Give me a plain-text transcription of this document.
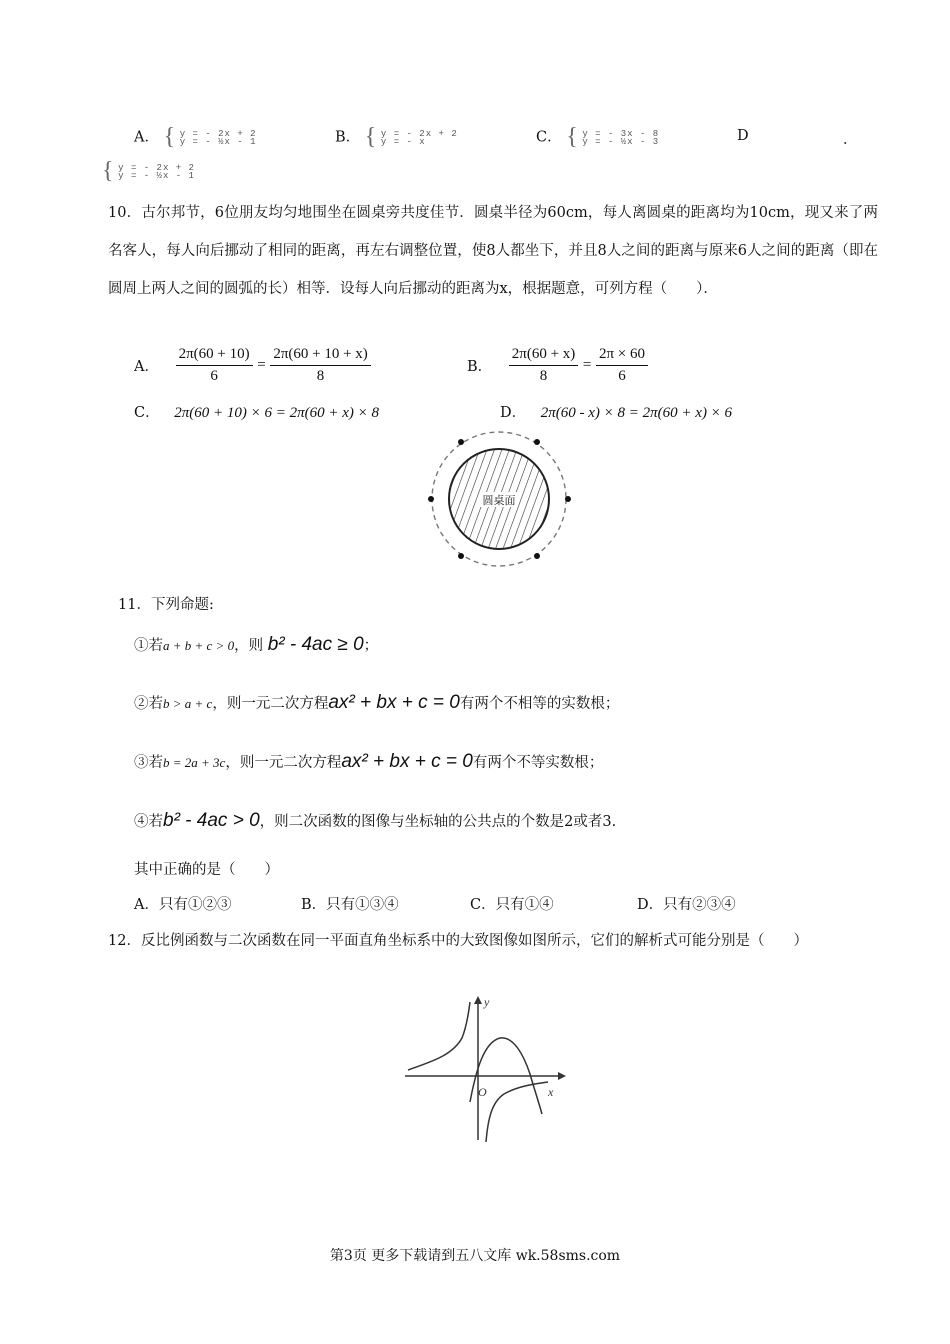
A． { y = - 2x + 2
y = - ½x - 1	B． { y = - 2x + 2
y = - x	C． { y = - 3x - 8
y = - ½x - 3	D	．
{ y = - 2x + 2
y = - ½x - 1
10．古尔邦节，6位朋友均匀地围坐在圆桌旁共度佳节．圆桌半径为60cm，每人离圆桌的距离均为10cm，现又来了两名客人，每人向后挪动了相同的距离，再左右调整位置，使8人都坐下，并且8人之间的距离与原来6人之间的距离（即在圆周上两人之间的圆弧的长）相等．设每人向后挪动的距离为x，根据题意，可列方程（　　）．
A． $\frac{2\pi(60 + 10)}{6} = \frac{2\pi(60 + 10 + x)}{8}$	B． $\frac{2\pi(60 + x)}{8} = \frac{2\pi \times 60}{6}$
C． 2π(60 + 10) × 6 = 2π(60 + x) × 8	D． 2π(60 - x) × 8 = 2π(60 + x) × 6
圆桌面
11．下列命题:
①若a + b + c > 0，则 b² - 4ac ≥ 0；
②若b > a + c，则一元二次方程ax² + bx + c = 0有两个不相等的实数根；
③若b = 2a + 3c，则一元二次方程ax² + bx + c = 0有两个不等实数根；
④若b² - 4ac > 0，则二次函数的图像与坐标轴的公共点的个数是2或者3.
其中正确的是（　　）
A．只有①②③	B．只有①③④	C．只有①④	D．只有②③④
12．反比例函数与二次函数在同一平面直角坐标系中的大致图像如图所示，它们的解析式可能分别是（　　）
y
x
O
第3页 更多下载请到五八文库 wk.58sms.com
